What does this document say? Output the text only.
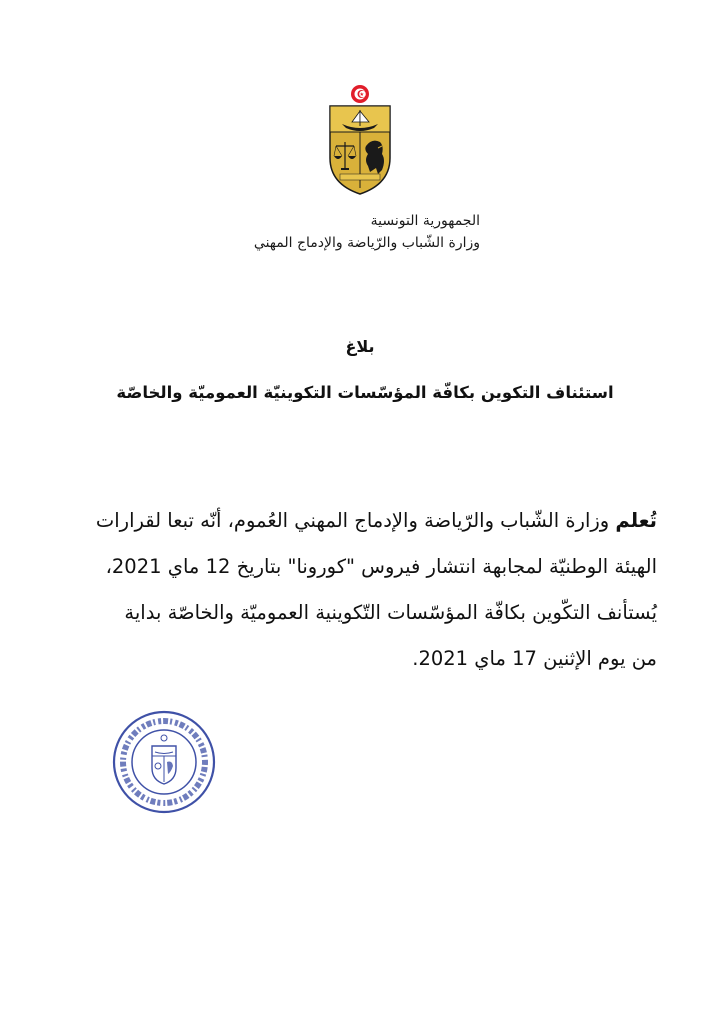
الجمهورية التونسية
وزارة الشّباب والرّياضة والإدماج المهني
بلاغ
استئناف التكوين بكافّة المؤسّسات التكوينيّة العموميّة والخاصّة
تُعلم وزارة الشّباب والرّياضة والإدماج المهني العُموم، أنّه تبعا لقرارات
الهيئة الوطنيّة لمجابهة انتشار فيروس "كورونا" بتاريخ 12 ماي 2021،
يُستأنف التكّوين بكافّة المؤسّسات التّكوينية العموميّة والخاصّة بداية
من يوم الإثنين 17 ماي 2021.
